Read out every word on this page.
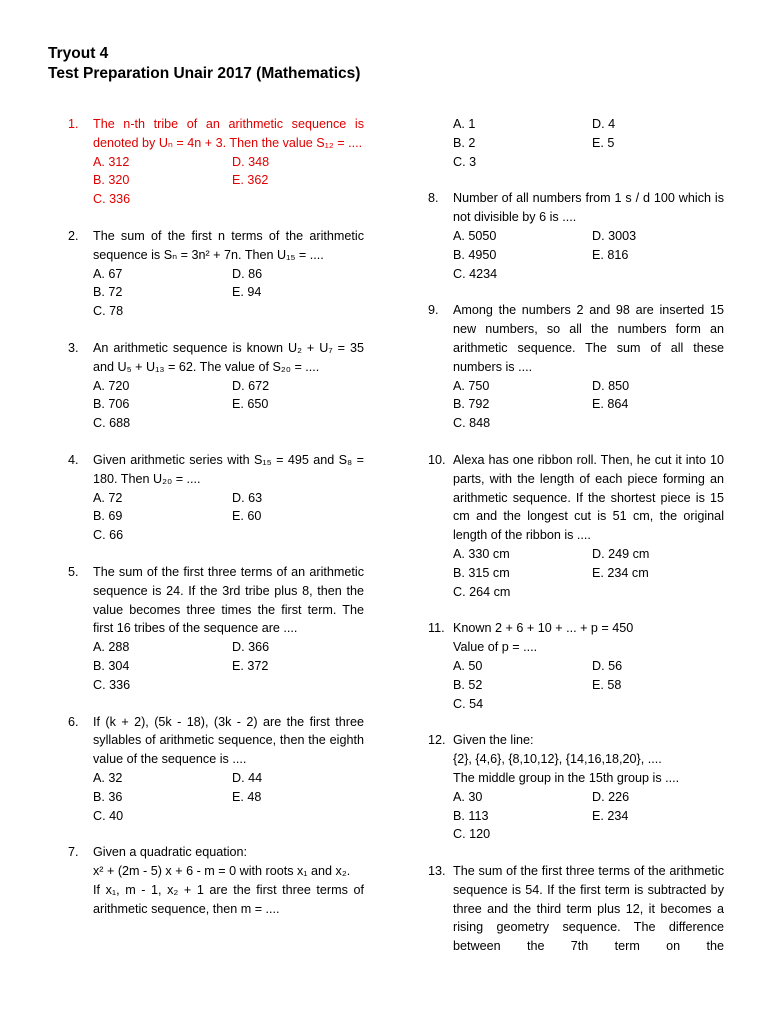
Tryout 4
Test Preparation Unair 2017 (Mathematics)
1. The n-th tribe of an arithmetic sequence is denoted by Uₙ = 4n + 3. Then the value S₁₂ = ....
A. 312	D. 348
B. 320	E. 362
C. 336
2. The sum of the first n terms of the arithmetic sequence is Sₙ = 3n² + 7n. Then U₁₅ = ....
A. 67	D. 86
B. 72	E. 94
C. 78
3. An arithmetic sequence is known U₂ + U₇ = 35 and U₅ + U₁₃ = 62. The value of S₂₀ = ....
A. 720	D. 672
B. 706	E. 650
C. 688
4. Given arithmetic series with S₁₅ = 495 and S₈ = 180. Then U₂₀ = ....
A. 72	D. 63
B. 69	E. 60
C. 66
5. The sum of the first three terms of an arithmetic sequence is 24. If the 3rd tribe plus 8, then the value becomes three times the first term. The first 16 tribes of the sequence are ....
A. 288	D. 366
B. 304	E. 372
C. 336
6. If (k + 2), (5k - 18), (3k - 2) are the first three syllables of arithmetic sequence, then the eighth value of the sequence is ....
A. 32	D. 44
B. 36	E. 48
C. 40
7. Given a quadratic equation:
x² + (2m - 5) x + 6 - m = 0 with roots x₁ and x₂.
If x₁, m - 1, x₂ + 1 are the first three terms of arithmetic sequence, then m = ....
A. 1	D. 4
B. 2	E. 5
C. 3
8. Number of all numbers from 1 s / d 100 which is not divisible by 6 is ....
A. 5050	D. 3003
B. 4950	E. 816
C. 4234
9. Among the numbers 2 and 98 are inserted 15 new numbers, so all the numbers form an arithmetic sequence. The sum of all these numbers is ....
A. 750	D. 850
B. 792	E. 864
C. 848
10. Alexa has one ribbon roll. Then, he cut it into 10 parts, with the length of each piece forming an arithmetic sequence. If the shortest piece is 15 cm and the longest cut is 51 cm, the original length of the ribbon is ....
A. 330 cm	D. 249 cm
B. 315 cm	E. 234 cm
C. 264 cm
11. Known 2 + 6 + 10 + ... + p = 450
Value of p = ....
A. 50	D. 56
B. 52	E. 58
C. 54
12. Given the line:
{2}, {4,6}, {8,10,12}, {14,16,18,20}, ....
The middle group in the 15th group is ....
A. 30	D. 226
B. 113	E. 234
C. 120
13. The sum of the first three terms of the arithmetic sequence is 54. If the first term is subtracted by three and the third term plus 12, it becomes a rising geometry sequence. The difference between the 7th term on the
